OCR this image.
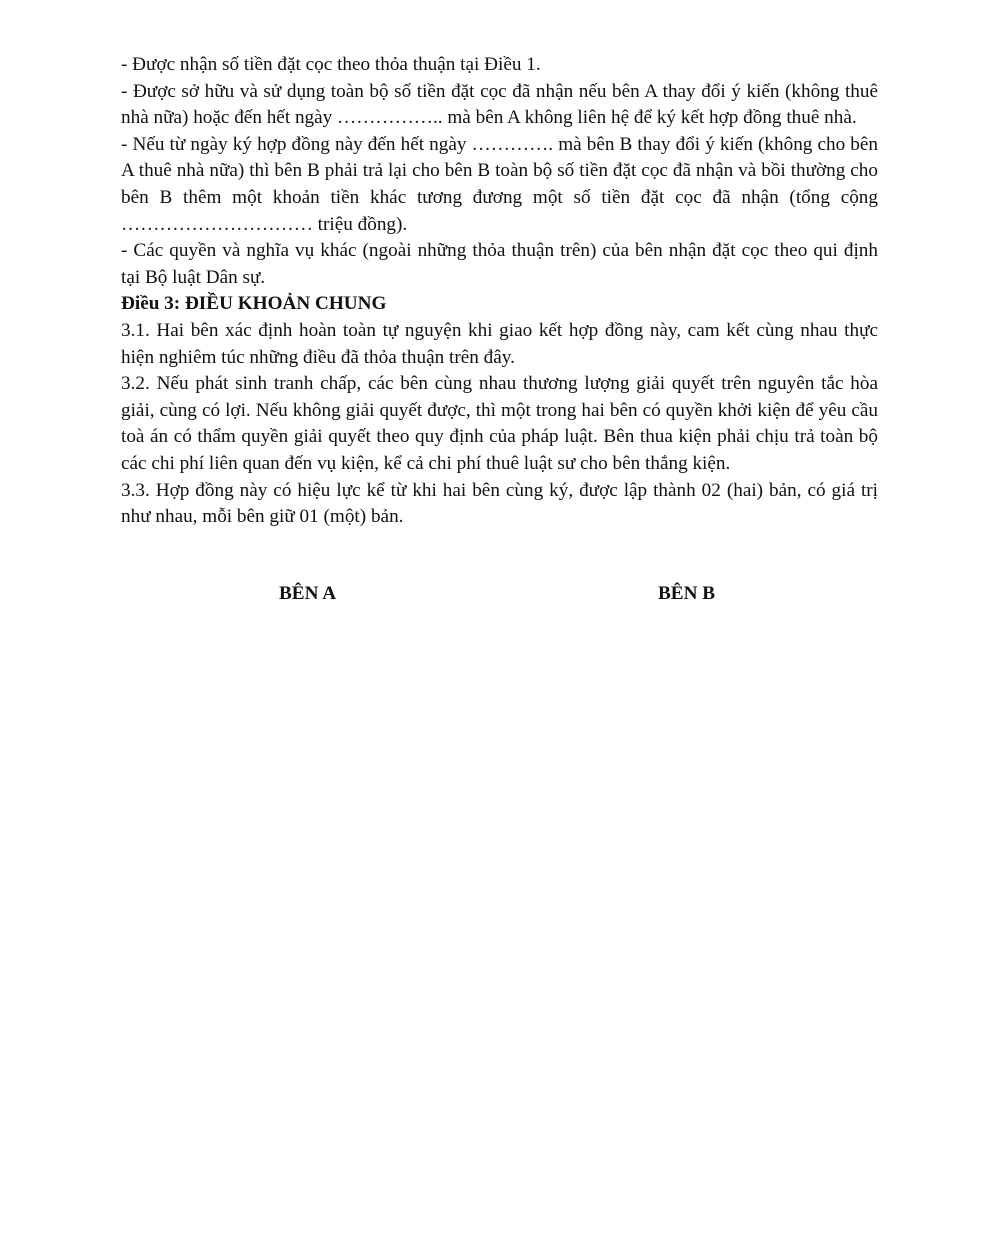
- Được nhận số tiền đặt cọc theo thỏa thuận tại Điều 1.

- Được sở hữu và sử dụng toàn bộ số tiền đặt cọc đã nhận nếu bên A thay đổi ý kiến (không thuê nhà nữa) hoặc đến hết ngày …………….. mà bên A không liên hệ để ký kết hợp đồng thuê nhà.

- Nếu từ ngày ký hợp đồng này đến hết ngày …………. mà bên B thay đổi ý kiến (không cho bên A thuê nhà nữa) thì bên B phải trả lại cho bên B toàn bộ số tiền đặt cọc đã nhận và bồi thường cho bên B thêm một khoản tiền khác tương đương một số tiền đặt cọc đã nhận (tổng cộng ………………………… triệu đồng).

- Các quyền và nghĩa vụ khác (ngoài những thỏa thuận trên) của bên nhận đặt cọc theo qui định tại Bộ luật Dân sự.

Điều 3: ĐIỀU KHOẢN CHUNG

3.1. Hai bên xác định hoàn toàn tự nguyện khi giao kết hợp đồng này, cam kết cùng nhau thực hiện nghiêm túc những điều đã thỏa thuận trên đây.

3.2. Nếu phát sinh tranh chấp, các bên cùng nhau thương lượng giải quyết trên nguyên tắc hòa giải, cùng có lợi. Nếu không giải quyết được, thì một trong hai bên có quyền khởi kiện để yêu cầu toà án có thẩm quyền giải quyết theo quy định của pháp luật. Bên thua kiện phải chịu trả toàn bộ các chi phí liên quan đến vụ kiện, kể cả chi phí thuê luật sư cho bên thắng kiện.

3.3. Hợp đồng này có hiệu lực kể từ khi hai bên cùng ký, được lập thành 02 (hai) bản, có giá trị như nhau, mỗi bên giữ 01 (một) bản.

BÊN A	BÊN B
